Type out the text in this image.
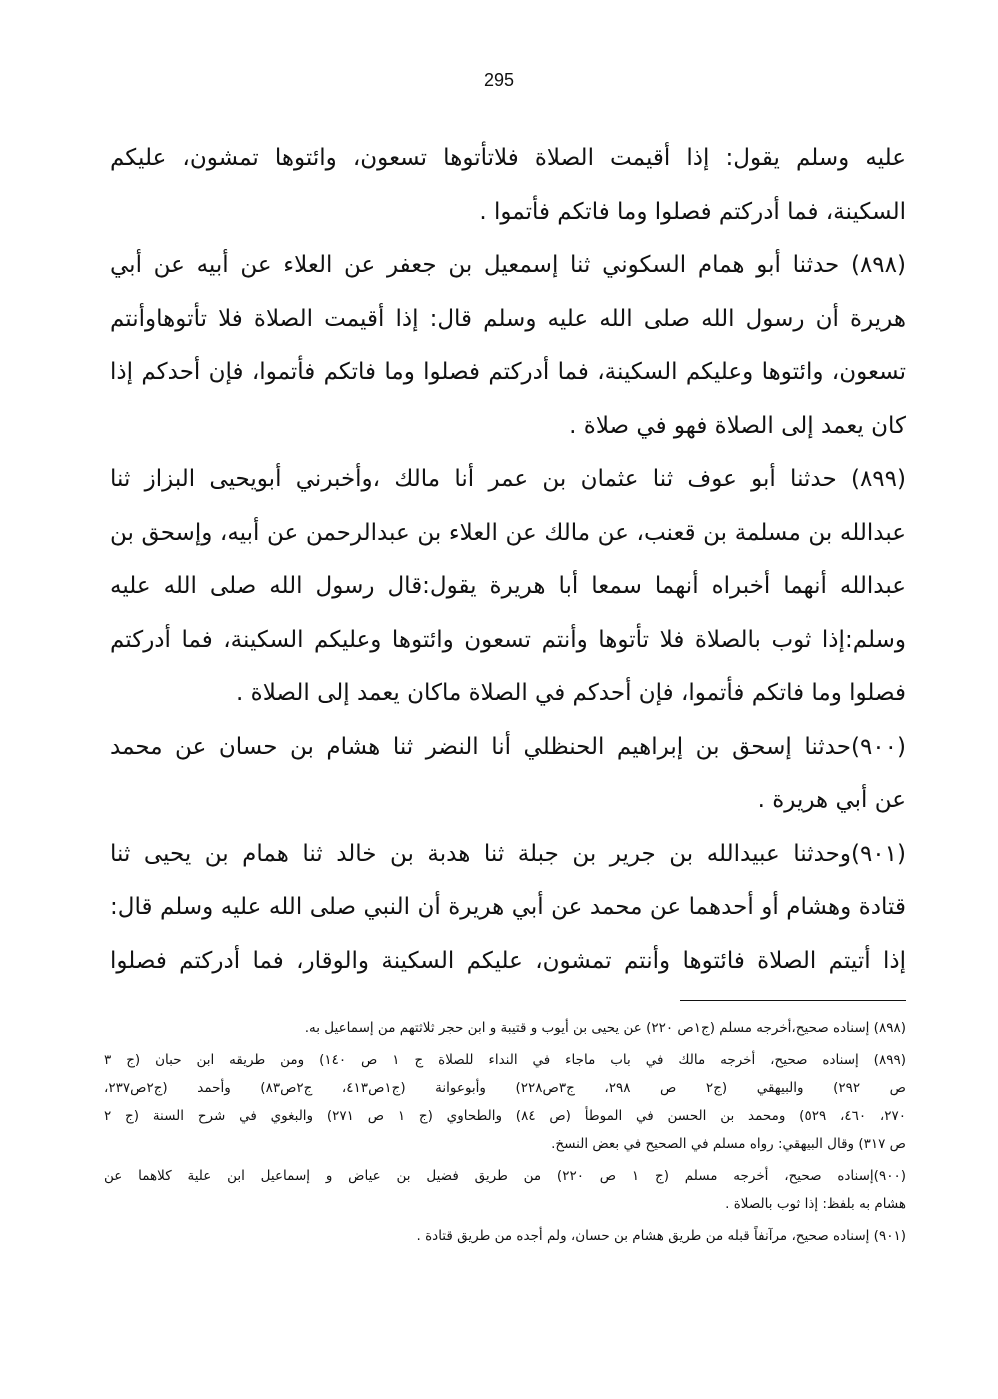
295
عليه وسلم يقول: إذا أقيمت الصلاة فلاتأتوها تسعون، وائتوها تمشون، عليكم
السكينة، فما أدركتم فصلوا وما فاتكم فأتموا .
(٨٩٨) حدثنا أبو همام السكوني ثنا إسمعيل بن جعفر عن العلاء عن أبيه عن أبي
هريرة أن رسول الله صلى الله عليه وسلم قال: إذا أقيمت الصلاة فلا تأتوهاوأنتم
تسعون، وائتوها وعليكم السكينة، فما أدركتم فصلوا وما فاتكم فأتموا، فإن أحدكم إذا
كان يعمد إلى الصلاة فهو في صلاة .
(٨٩٩) حدثنا أبو عوف ثنا عثمان بن عمر أنا مالك ،وأخبرني أبويحيى البزاز ثنا
عبدالله بن مسلمة بن قعنب، عن مالك عن العلاء بن عبدالرحمن عن أبيه، وإسحق بن
عبدالله أنهما أخبراه أنهما سمعا أبا هريرة يقول:قال رسول الله صلى الله عليه
وسلم:إذا ثوب بالصلاة فلا تأتوها وأنتم تسعون وائتوها وعليكم السكينة، فما أدركتم
فصلوا وما فاتكم فأتموا، فإن أحدكم في الصلاة ماكان يعمد إلى الصلاة .
(٩٠٠)حدثنا إسحق بن إبراهيم الحنظلي أنا النضر ثنا هشام بن حسان عن محمد
عن أبي هريرة .
(٩٠١)وحدثنا عبيدالله بن جرير بن جبلة ثنا هدبة بن خالد ثنا همام بن يحيى ثنا
قتادة وهشام أو أحدهما عن محمد عن أبي هريرة أن النبي صلى الله عليه وسلم قال:
إذا أتيتم الصلاة فائتوها وأنتم تمشون، عليكم السكينة والوقار، فما أدركتم فصلوا
(٨٩٨) إسناده صحيح،أخرجه مسلم (ج١ص ٢٢٠) عن يحيى بن أيوب و قتيبة و ابن حجر ثلاثتهم من إسماعيل به.
(٨٩٩) إسناده صحيح، أخرجه مالك في باب ماجاء في النداء للصلاة ج ١ ص ١٤٠) ومن طريقه ابن حبان (ج ٣
ص ٢٩٢) والبيهقي (ج٢ ص ٢٩٨، ج٣ص٢٢٨) وأبوعوانة (ج١ص٤١٣، ج٢ص٨٣) وأحمد (ج٢ص٢٣٧،
٢٧٠، ٤٦٠، ٥٢٩) ومحمد بن الحسن في الموطأ (ص ٨٤) والطحاوي (ج ١ ص ٢٧١) والبغوي في شرح السنة (ج ٢
ص ٣١٧) وقال البيهقي: رواه مسلم في الصحيح في بعض النسخ.
(٩٠٠)إسناده صحيح، أخرجه مسلم (ج ١ ص ٢٢٠) من طريق فضيل بن عياض و إسماعيل ابن علية كلاهما عن
هشام به بلفظ: إذا ثوب بالصلاة .
(٩٠١) إسناده صحيح، مرآنفاً قبله من طريق هشام بن حسان، ولم أجده من طريق قتادة .
